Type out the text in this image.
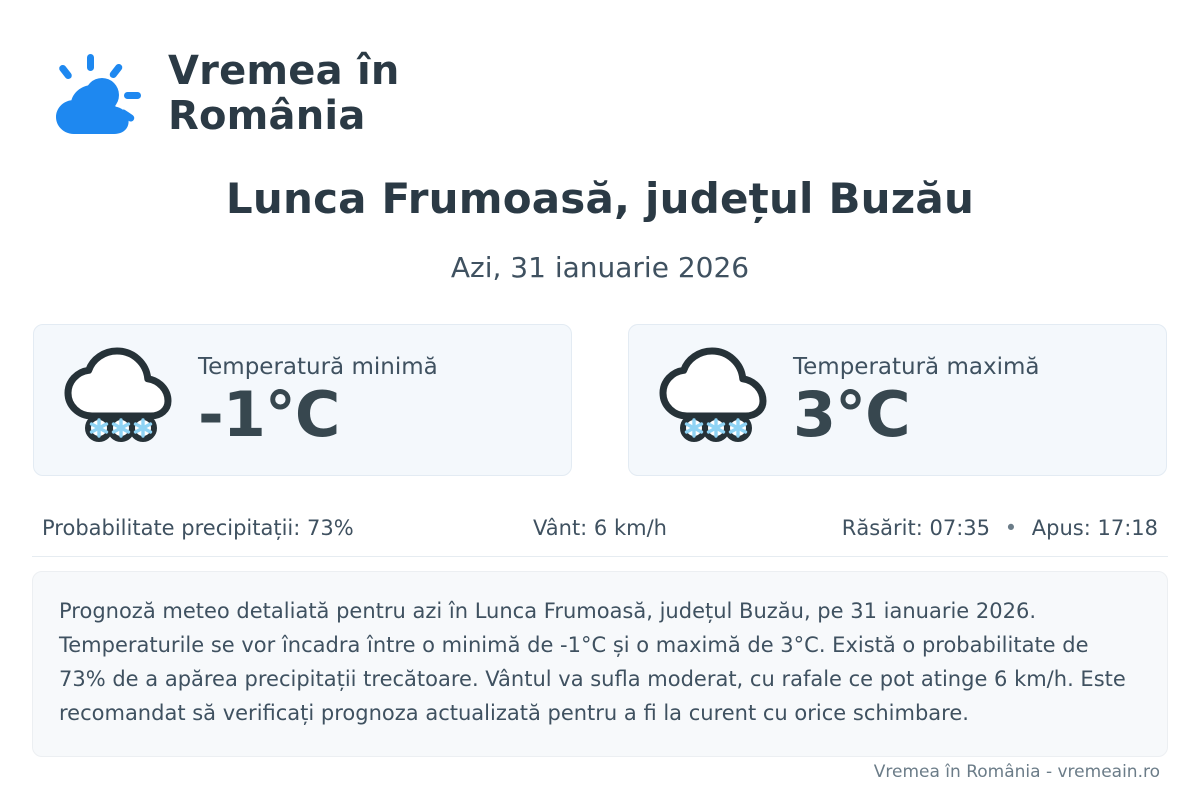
Vremea în
România
Lunca Frumoasă, județul Buzău
Azi, 31 ianuarie 2026
Temperatură minimă
-1°C
Temperatură maximă
3°C
Probabilitate precipitații: 73%	Vânt: 6 km/h	Răsărit: 07:35 • Apus: 17:18
Prognoză meteo detaliată pentru azi în Lunca Frumoasă, județul Buzău, pe 31 ianuarie 2026. Temperaturile se vor încadra între o minimă de -1°C și o maximă de 3°C. Există o probabilitate de 73% de a apărea precipitații trecătoare. Vântul va sufla moderat, cu rafale ce pot atinge 6 km/h. Este recomandat să verificați prognoza actualizată pentru a fi la curent cu orice schimbare.
Vremea în România - vremeain.ro
